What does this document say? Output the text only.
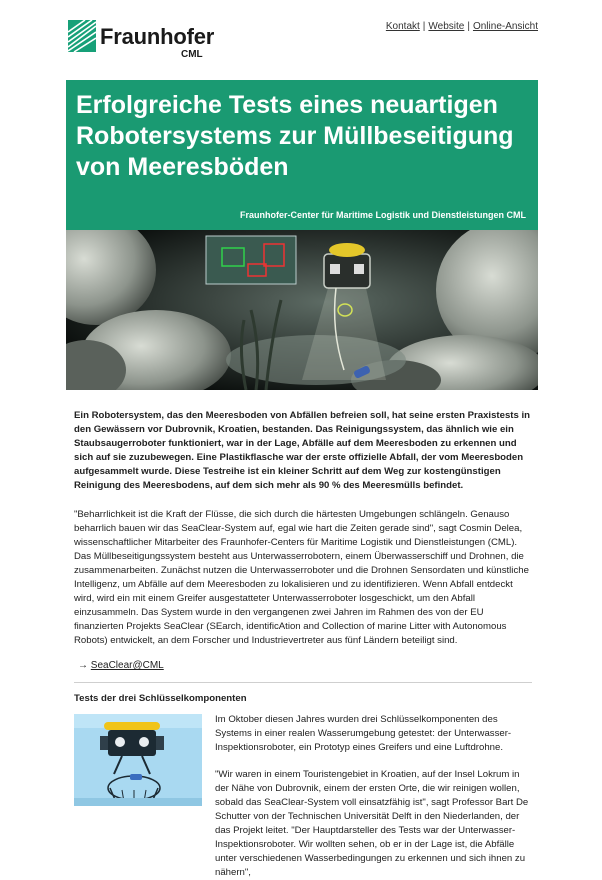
Fraunhofer
CML
Kontakt | Website | Online-Ansicht
Erfolgreiche Tests eines neuartigen Robotersystems zur Müllbeseitigung von Meeresböden
Fraunhofer-Center für Maritime Logistik und Dienstleistungen CML

Ein Robotersystem, das den Meeresboden von Abfällen befreien soll, hat seine ersten Praxistests in den Gewässern vor Dubrovnik, Kroatien, bestanden. Das Reinigungssystem, das ähnlich wie ein Staubsaugerroboter funktioniert, war in der Lage, Abfälle auf dem Meeresboden zu erkennen und sich auf sie zuzubewegen. Eine Plastikflasche war der erste offizielle Abfall, der vom Meeresboden aufgesammelt wurde. Diese Testreihe ist ein kleiner Schritt auf dem Weg zur kostengünstigen Reinigung des Meeresbodens, auf dem sich mehr als 90 % des Meeresmülls befindet.

"Beharrlichkeit ist die Kraft der Flüsse, die sich durch die härtesten Umgebungen schlängeln. Genauso beharrlich bauen wir das SeaClear-System auf, egal wie hart die Zeiten gerade sind", sagt Cosmin Delea, wissenschaftlicher Mitarbeiter des Fraunhofer-Centers für Maritime Logistik und Dienstleistungen (CML). Das Müllbeseitigungssystem besteht aus Unterwasserrobotern, einem Überwasserschiff und Drohnen, die zusammenarbeiten. Zunächst nutzen die Unterwasserroboter und die Drohnen Sensordaten und künstliche Intelligenz, um Abfälle auf dem Meeresboden zu lokalisieren und zu identifizieren. Wenn Abfall entdeckt wird, wird ein mit einem Greifer ausgestatteter Unterwasserroboter losgeschickt, um den Abfall einzusammeln. Das System wurde in den vergangenen zwei Jahren im Rahmen des von der EU finanzierten Projekts SeaClear (SEarch, identificAtion and Collection of marine Litter with Autonomous Robots) entwickelt, an dem Forscher und Industrievertreter aus fünf Ländern beteiligt sind.

→ SeaClear@CML
Tests der drei Schlüsselkomponenten

Im Oktober diesen Jahres wurden drei Schlüsselkomponenten des Systems in einer realen Wasserumgebung getestet: der Unterwasser-Inspektionsroboter, ein Prototyp eines Greifers und eine Luftdrohne.

"Wir waren in einem Touristengebiet in Kroatien, auf der Insel Lokrum in der Nähe von Dubrovnik, einem der ersten Orte, die wir reinigen wollen, sobald das SeaClear-System voll einsatzfähig ist", sagt Professor Bart De Schutter von der Technischen Universität Delft in den Niederlanden, der das Projekt leitet. "Der Hauptdarsteller des Tests war der Unterwasser-Inspektionsroboter. Wir wollten sehen, ob er in der Lage ist, die Abfälle unter verschiedenen Wasserbedingungen zu erkennen und sich ihnen zu nähern",
